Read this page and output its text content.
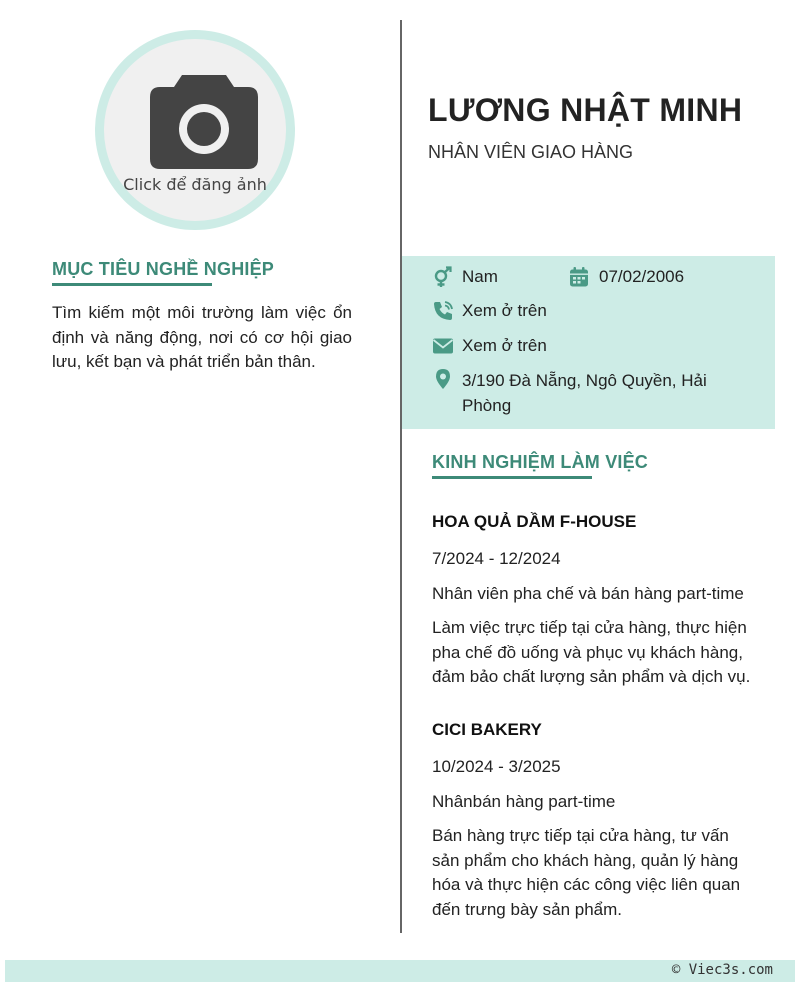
Click để đăng ảnh
MỤC TIÊU NGHỀ NGHIỆP
Tìm kiếm một môi trường làm việc ổn định và năng động, nơi có cơ hội giao lưu, kết bạn và phát triển bản thân.
LƯƠNG NHẬT MINH
NHÂN VIÊN GIAO HÀNG
Nam	07/02/2006
Xem ở trên
Xem ở trên
3/190 Đà Nẵng, Ngô Quyền, Hải Phòng
KINH NGHIỆM LÀM VIỆC
HOA QUẢ DẦM F-HOUSE
7/2024 - 12/2024
Nhân viên pha chế và bán hàng part-time
Làm việc trực tiếp tại cửa hàng, thực hiện pha chế đồ uống và phục vụ khách hàng, đảm bảo chất lượng sản phẩm và dịch vụ.
CICI BAKERY
10/2024 - 3/2025
Nhânbán hàng part-time
Bán hàng trực tiếp tại cửa hàng, tư vấn sản phẩm cho khách hàng, quản lý hàng hóa và thực hiện các công việc liên quan đến trưng bày sản phẩm.
© Viec3s.com
